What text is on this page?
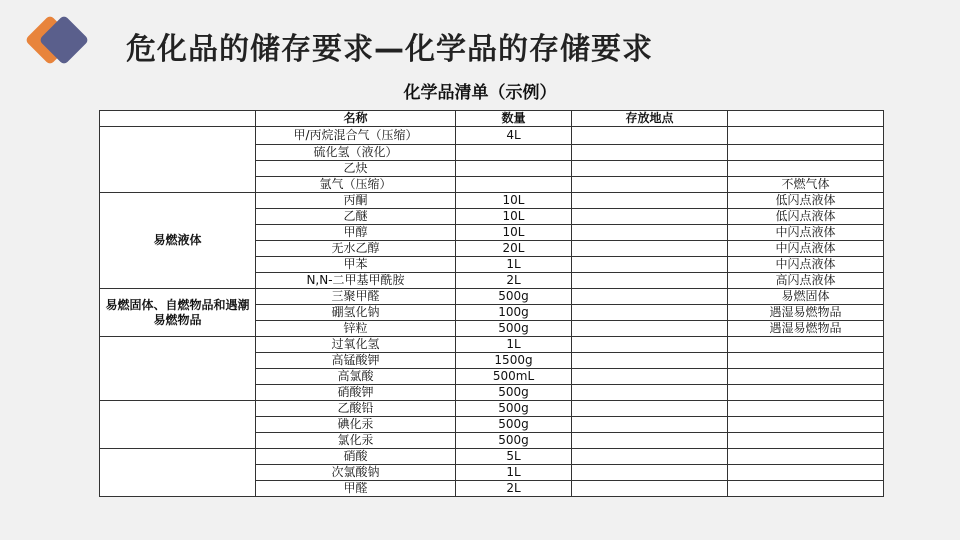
危化品的储存要求—化学品的存储要求
化学品清单（示例）
	名称	数量	存放地点	
	甲/丙烷混合气（压缩）	4L		
	硫化氢（液化）			
	乙炔			
	氩气（压缩）			不燃气体
易燃液体	丙酮	10L		低闪点液体
	乙醚	10L		低闪点液体
	甲醇	10L		中闪点液体
	无水乙醇	20L		中闪点液体
	甲苯	1L		中闪点液体
	N,N-二甲基甲酰胺	2L		高闪点液体
易燃固体、自燃物品和遇潮易燃物品	三聚甲醛	500g		易燃固体
	硼氢化钠	100g		遇湿易燃物品
	锌粒	500g		遇湿易燃物品
	过氧化氢	1L		
	高锰酸钾	1500g		
	高氯酸	500mL		
	硝酸钾	500g		
	乙酸铅	500g		
	碘化汞	500g		
	氯化汞	500g		
	硝酸	5L		
	次氯酸钠	1L		
	甲醛	2L		
